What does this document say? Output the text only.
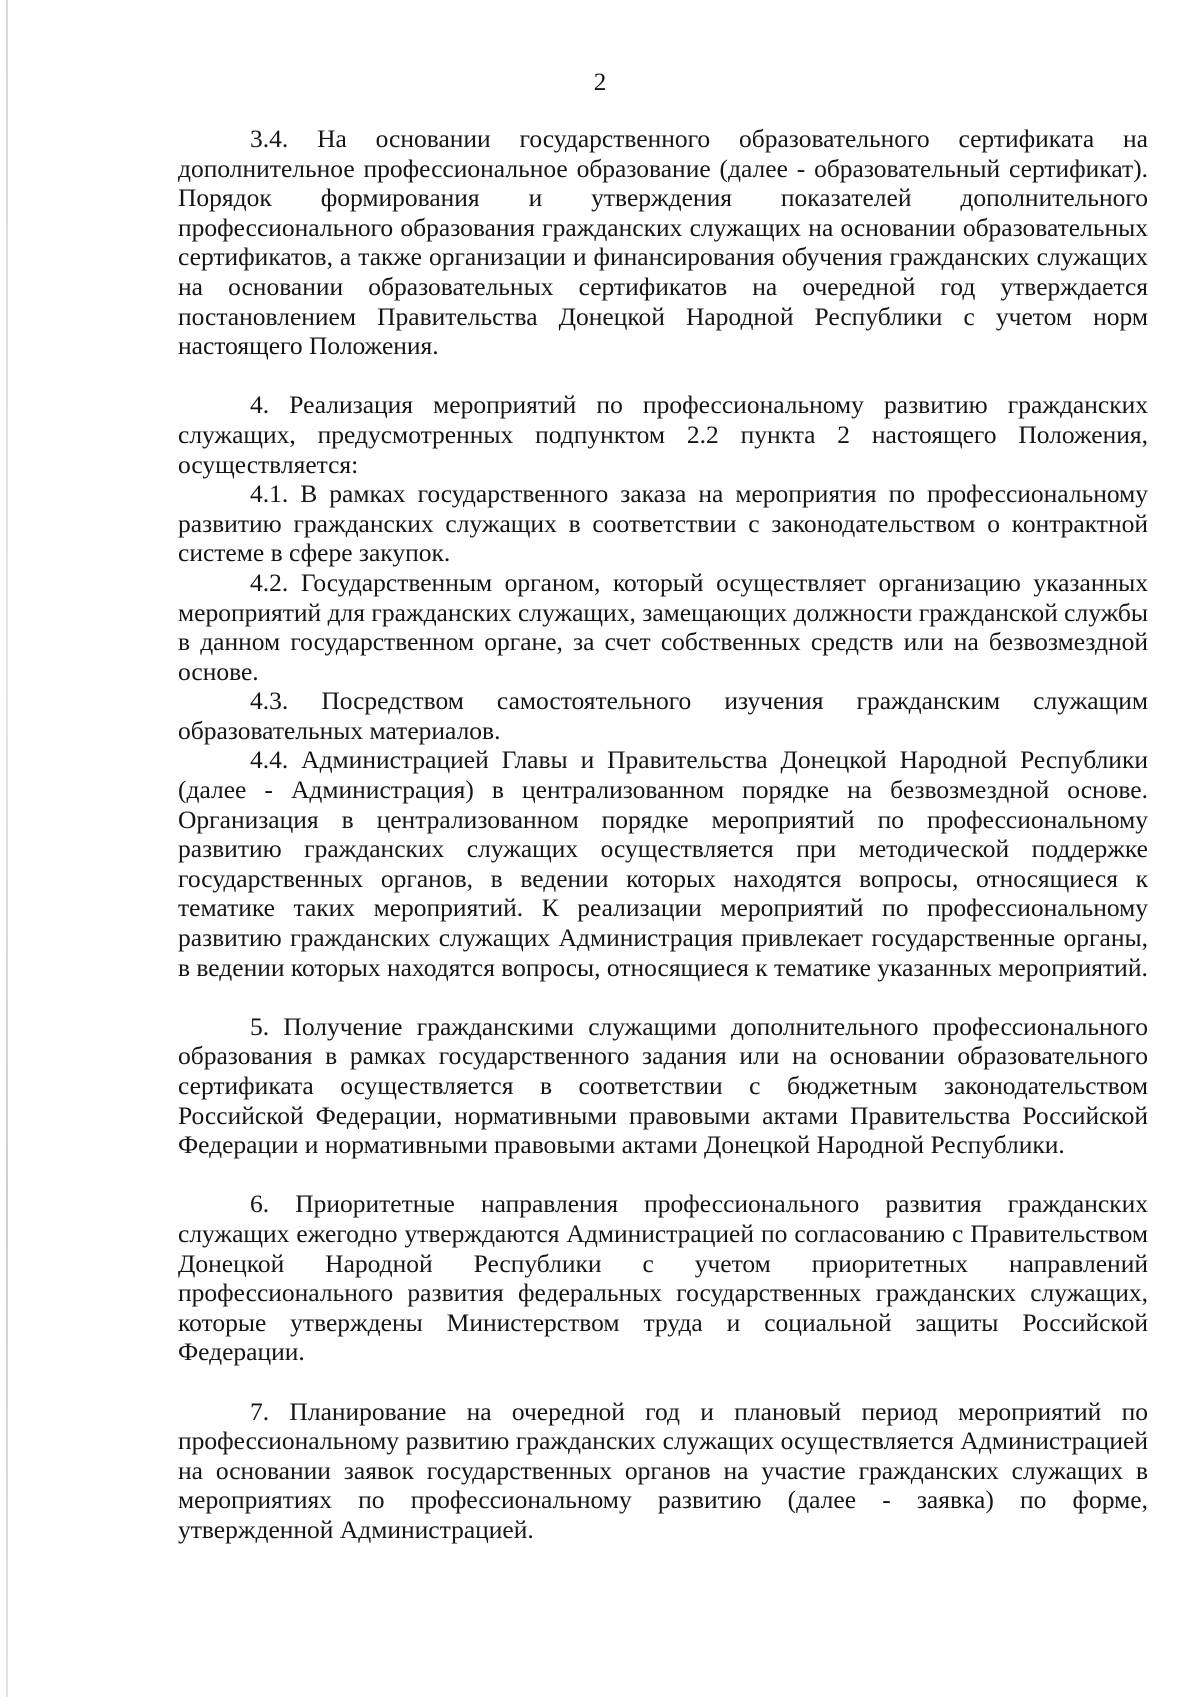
2

3.4. На основании государственного образовательного сертификата на дополнительное профессиональное образование (далее - образовательный сертификат). Порядок формирования и утверждения показателей дополнительного профессионального образования гражданских служащих на основании образовательных сертификатов, а также организации и финансирования обучения гражданских служащих на основании образовательных сертификатов на очередной год утверждается постановлением Правительства Донецкой Народной Республики с учетом норм настоящего Положения.

4. Реализация мероприятий по профессиональному развитию гражданских служащих, предусмотренных подпунктом 2.2 пункта 2 настоящего Положения, осуществляется:

4.1. В рамках государственного заказа на мероприятия по профессиональному развитию гражданских служащих в соответствии с законодательством о контрактной системе в сфере закупок.

4.2. Государственным органом, который осуществляет организацию указанных мероприятий для гражданских служащих, замещающих должности гражданской службы в данном государственном органе, за счет собственных средств или на безвозмездной основе.

4.3. Посредством самостоятельного изучения гражданским служащим образовательных материалов.

4.4. Администрацией Главы и Правительства Донецкой Народной Республики (далее - Администрация) в централизованном порядке на безвозмездной основе. Организация в централизованном порядке мероприятий по профессиональному развитию гражданских служащих осуществляется при методической поддержке государственных органов, в ведении которых находятся вопросы, относящиеся к тематике таких мероприятий. К реализации мероприятий по профессиональному развитию гражданских служащих Администрация привлекает государственные органы, в ведении которых находятся вопросы, относящиеся к тематике указанных мероприятий.

5. Получение гражданскими служащими дополнительного профессионального образования в рамках государственного задания или на основании образовательного сертификата осуществляется в соответствии с бюджетным законодательством Российской Федерации, нормативными правовыми актами Правительства Российской Федерации и нормативными правовыми актами Донецкой Народной Республики.

6. Приоритетные направления профессионального развития гражданских служащих ежегодно утверждаются Администрацией по согласованию с Правительством Донецкой Народной Республики с учетом приоритетных направлений профессионального развития федеральных государственных гражданских служащих, которые утверждены Министерством труда и социальной защиты Российской Федерации.

7. Планирование на очередной год и плановый период мероприятий по профессиональному развитию гражданских служащих осуществляется Администрацией на основании заявок государственных органов на участие гражданских служащих в мероприятиях по профессиональному развитию (далее - заявка) по форме, утвержденной Администрацией.
